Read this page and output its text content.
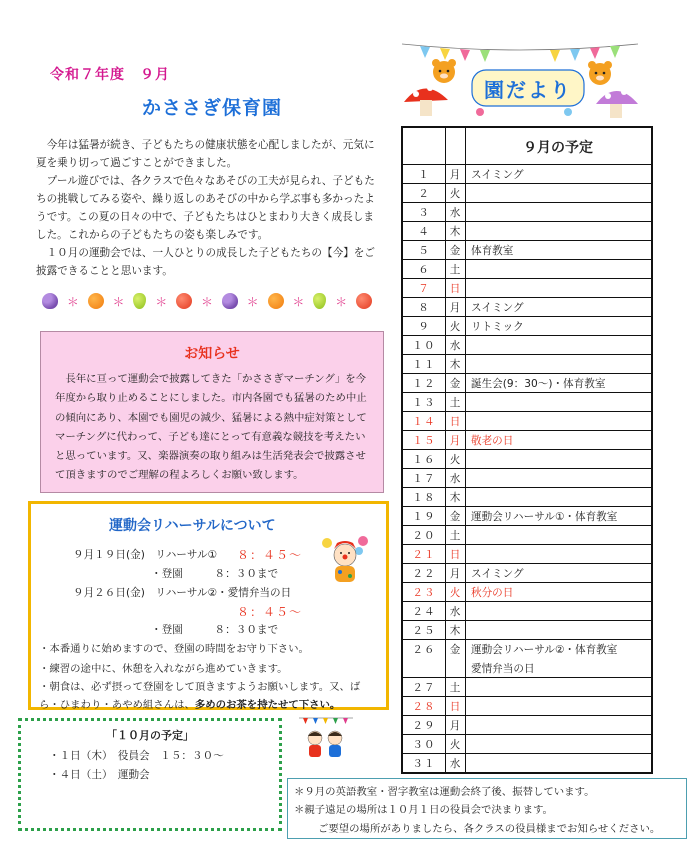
令和７年度　９月
かささぎ保育園

今年は猛暑が続き、子どもたちの健康状態を心配しましたが、元気に夏を乗り切って過ごすことができました。

プール遊びでは、各クラスで色々なあそびの工夫が見られ、子どもたちの挑戦してみる姿や、繰り返しのあそびの中から学ぶ事も多かったようです。この夏の日々の中で、子どもたちはひとまわり大きく成長しました。これからの子どもたちの姿も楽しみです。

１０月の運動会では、一人ひとりの成長した子どもたちの【今】をご披露できることと思います。

＊	＊	＊	＊	＊	＊	＊
お知らせ
長年に亘って運動会で披露してきた「かささぎマーチング」を今年度から取り止めることにしました。市内各園でも猛暑のため中止の傾向にあり、本園でも園児の減少、猛暑による熱中症対策としてマーチングに代わって、子ども達にとって有意義な競技を考えたいと思っています。又、楽器演奏の取り組みは生活発表会で披露させて頂きますのでご理解の程よろしくお願い致します。
運動会リハーサルについて
９月１９日(金)　リハーサル① ８：４５～
・登園　　　８：３０まで
９月２６日(金)　リハーサル②・愛情弁当の日
８：４５～
・登園　　　８：３０まで
・本番通りに始めますので、登園の時間をお守り下さい。
・練習の途中に、休憩を入れながら進めていきます。
・朝食は、必ず摂って登園をして頂きますようお願いします。又、ば
ら・ひまわり・あやめ組さんは、多めのお茶を持たせて下さい。
「１０月の予定」
・１日（木）　役員会　１５：３０～
・４日（土）　運動会
園だより
９月の予定
１	月	スイミング
２	火
３	水
４	木
５	金	体育教室
６	土
７	日
８	月	スイミング
９	火	リトミック
１０	水
１１	木
１２	金	誕生会(9：30～)・体育教室
１３	土
１４	日
１５	月	敬老の日
１６	火
１７	水
１８	木
１９	金	運動会リハーサル①・体育教室
２０	土
２１	日
２２	月	スイミング
２３	火	秋分の日
２４	水
２５	木
２６	金	運動会リハーサル②・体育教室
愛情弁当の日
２７	土
２８	日
２９	月
３０	火
３１	水
＊９月の英語教室・習字教室は運動会終了後、振替しています。
＊親子遠足の場所は１０月１日の役員会で決まります。
ご要望の場所がありましたら、各クラスの役員様までお知らせください。
